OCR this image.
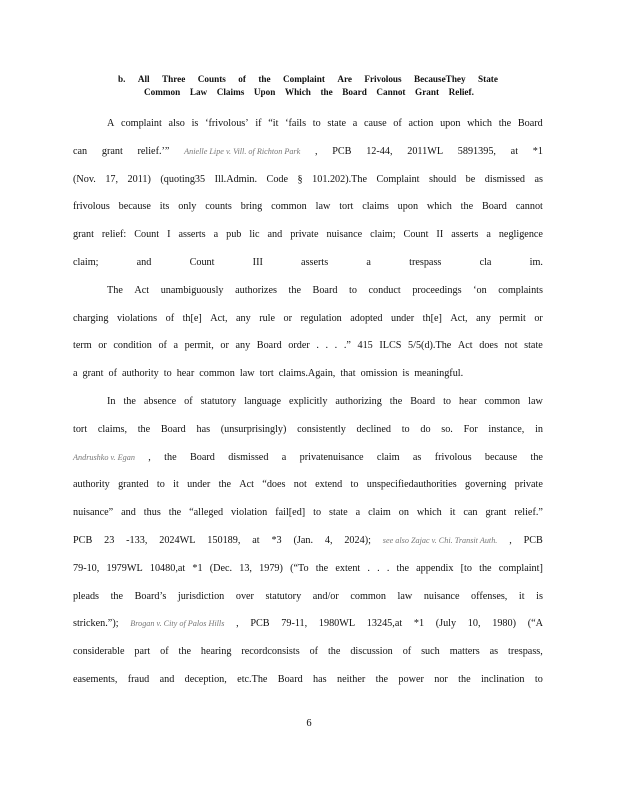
b. All Three Counts of the Complaint Are Frivolous BecauseThey State
Common Law Claims Upon Which the Board Cannot Grant Relief.
A complaint also is ‘frivolous’ if “it ‘fails to state a cause of action upon which the Board
can grant relief.’” Anielle Lipe v. Vill. of Richton Park , PCB 12-44, 2011WL 5891395, at *1
(Nov. 17, 2011) (quoting35 Ill.Admin. Code § 101.202).The Complaint should be dismissed as
frivolous because its only counts bring common law tort claims upon which the Board cannot
grant relief: Count I asserts a pub lic and private nuisance claim; Count II asserts a negligence
claim;	and	Count	III	asserts	a	trespass	cla	im.
The Act unambiguously authorizes the Board to conduct proceedings ‘on complaints
charging violations of th[e] Act, any rule or regulation adopted under th[e] Act, any permit or
term or condition of a permit, or any Board order . . . .” 415 ILCS 5/5(d).The Act does not state
a grant of authority to hear common law tort claims.Again, that omission is meaningful.
In the absence of statutory language explicitly authorizing the Board to hear common law
tort claims, the Board has (unsurprisingly) consistently declined to do so. For instance, in
Andrushko v. Egan , the Board dismissed a privatenuisance claim as frivolous because the
authority granted to it under the Act “does not extend to unspecifiedauthorities governing private
nuisance” and thus the “alleged violation fail[ed] to state a claim on which it can grant relief.”
PCB 23 -133, 2024WL 150189, at *3 (Jan. 4, 2024); see also Zajac v. Chi. Transit Auth. , PCB
79-10, 1979WL 10480,at *1 (Dec. 13, 1979) (“To the extent . . . the appendix [to the complaint]
pleads the Board’s jurisdiction over statutory and/or common law nuisance offenses, it is
stricken.”); Brogan v. City of Palos Hills , PCB 79-11, 1980WL 13245,at *1 (July 10, 1980) (“A
considerable part of the hearing recordconsists of the discussion of such matters as trespass,
easements, fraud and deception, etc.The Board has neither the power nor the inclination to
6
